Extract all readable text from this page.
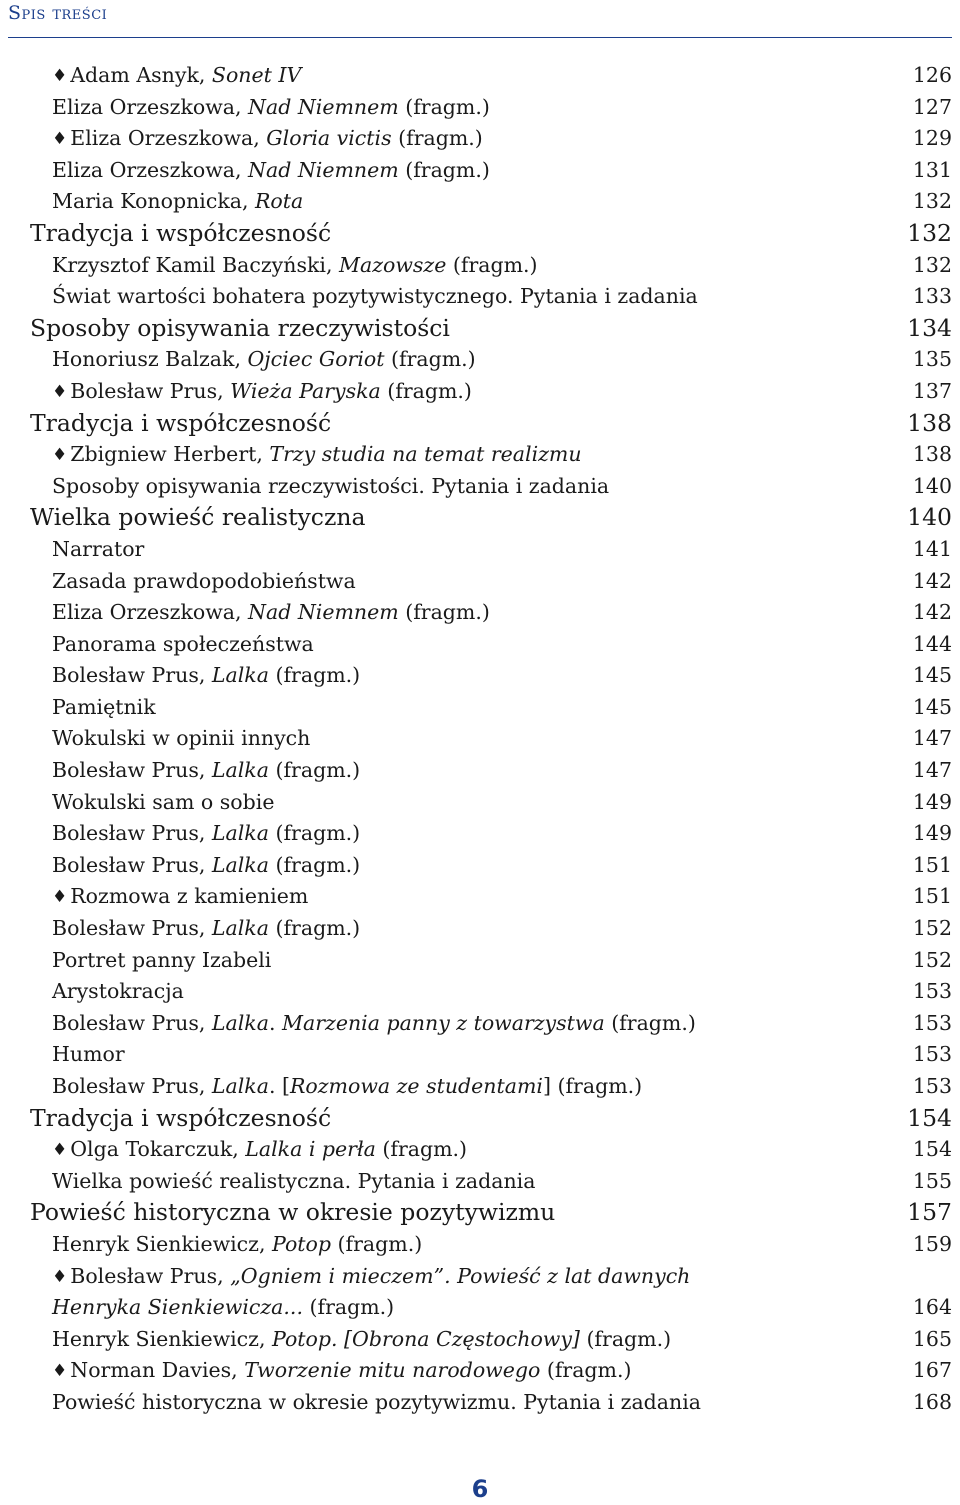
Spis treści
♦ Adam Asnyk, Sonet IV	126
Eliza Orzeszkowa, Nad Niemnem (fragm.)	127
♦ Eliza Orzeszkowa, Gloria victis (fragm.)	129
Eliza Orzeszkowa, Nad Niemnem (fragm.)	131
Maria Konopnicka, Rota	132
Tradycja i współczesność	132
Krzysztof Kamil Baczyński, Mazowsze (fragm.)	132
Świat wartości bohatera pozytywistycznego. Pytania i zadania	133
Sposoby opisywania rzeczywistości	134
Honoriusz Balzak, Ojciec Goriot (fragm.)	135
♦ Bolesław Prus, Wieża Paryska (fragm.)	137
Tradycja i współczesność	138
♦ Zbigniew Herbert, Trzy studia na temat realizmu	138
Sposoby opisywania rzeczywistości. Pytania i zadania	140
Wielka powieść realistyczna	140
Narrator	141
Zasada prawdopodobieństwa	142
Eliza Orzeszkowa, Nad Niemnem (fragm.)	142
Panorama społeczeństwa	144
Bolesław Prus, Lalka (fragm.)	145
Pamiętnik	145
Wokulski w opinii innych	147
Bolesław Prus, Lalka (fragm.)	147
Wokulski sam o sobie	149
Bolesław Prus, Lalka (fragm.)	149
Bolesław Prus, Lalka (fragm.)	151
♦ Rozmowa z kamieniem	151
Bolesław Prus, Lalka (fragm.)	152
Portret panny Izabeli	152
Arystokracja	153
Bolesław Prus, Lalka. Marzenia panny z towarzystwa (fragm.)	153
Humor	153
Bolesław Prus, Lalka. [Rozmowa ze studentami] (fragm.)	153
Tradycja i współczesność	154
♦ Olga Tokarczuk, Lalka i perła (fragm.)	154
Wielka powieść realistyczna. Pytania i zadania	155
Powieść historyczna w okresie pozytywizmu	157
Henryk Sienkiewicz, Potop (fragm.)	159
♦ Bolesław Prus, „Ogniem i mieczem”. Powieść z lat dawnych
Henryka Sienkiewicza... (fragm.)	164
Henryk Sienkiewicz, Potop. [Obrona Częstochowy] (fragm.)	165
♦ Norman Davies, Tworzenie mitu narodowego (fragm.)	167
Powieść historyczna w okresie pozytywizmu. Pytania i zadania	168
6
